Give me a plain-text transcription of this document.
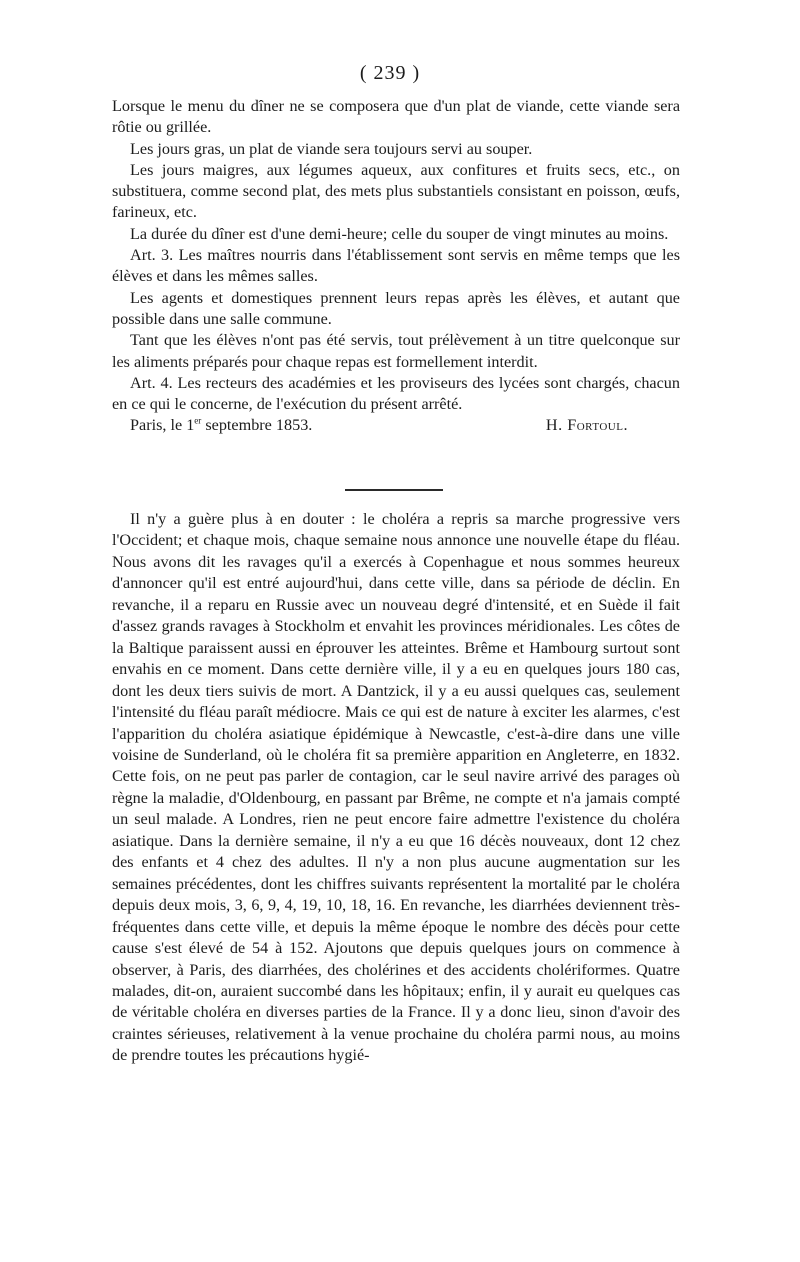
( 239 )

Lorsque le menu du dîner ne se composera que d'un plat de viande, cette viande sera rôtie ou grillée.

Les jours gras, un plat de viande sera toujours servi au souper.

Les jours maigres, aux légumes aqueux, aux confitures et fruits secs, etc., on substituera, comme second plat, des mets plus substantiels consistant en poisson, œufs, farineux, etc.

La durée du dîner est d'une demi-heure; celle du souper de vingt minutes au moins.

Art. 3. Les maîtres nourris dans l'établissement sont servis en même temps que les élèves et dans les mêmes salles.

Les agents et domestiques prennent leurs repas après les élèves, et autant que possible dans une salle commune.

Tant que les élèves n'ont pas été servis, tout prélèvement à un titre quelconque sur les aliments préparés pour chaque repas est formellement interdit.

Art. 4. Les recteurs des académies et les proviseurs des lycées sont chargés, chacun en ce qui le concerne, de l'exécution du présent arrêté.

Paris, le 1er septembre 1853.	H. Fortoul.

Il n'y a guère plus à en douter : le choléra a repris sa marche progressive vers l'Occident; et chaque mois, chaque semaine nous annonce une nouvelle étape du fléau. Nous avons dit les ravages qu'il a exercés à Copenhague et nous sommes heureux d'annoncer qu'il est entré aujourd'hui, dans cette ville, dans sa période de déclin. En revanche, il a reparu en Russie avec un nouveau degré d'intensité, et en Suède il fait d'assez grands ravages à Stockholm et envahit les provinces méridionales. Les côtes de la Baltique paraissent aussi en éprouver les atteintes. Brême et Hambourg surtout sont envahis en ce moment. Dans cette dernière ville, il y a eu en quelques jours 180 cas, dont les deux tiers suivis de mort. A Dantzick, il y a eu aussi quelques cas, seulement l'intensité du fléau paraît médiocre. Mais ce qui est de nature à exciter les alarmes, c'est l'apparition du choléra asiatique épidémique à Newcastle, c'est-à-dire dans une ville voisine de Sunderland, où le choléra fit sa première apparition en Angleterre, en 1832. Cette fois, on ne peut pas parler de contagion, car le seul navire arrivé des parages où règne la maladie, d'Oldenbourg, en passant par Brême, ne compte et n'a jamais compté un seul malade. A Londres, rien ne peut encore faire admettre l'existence du choléra asiatique. Dans la dernière semaine, il n'y a eu que 16 décès nouveaux, dont 12 chez des enfants et 4 chez des adultes. Il n'y a non plus aucune augmentation sur les semaines précédentes, dont les chiffres suivants représentent la mortalité par le choléra depuis deux mois, 3, 6, 9, 4, 19, 10, 18, 16. En revanche, les diarrhées deviennent très-fréquentes dans cette ville, et depuis la même époque le nombre des décès pour cette cause s'est élevé de 54 à 152. Ajoutons que depuis quelques jours on commence à observer, à Paris, des diarrhées, des cholérines et des accidents cholériformes. Quatre malades, dit-on, auraient succombé dans les hôpitaux; enfin, il y aurait eu quelques cas de véritable choléra en diverses parties de la France. Il y a donc lieu, sinon d'avoir des craintes sérieuses, relativement à la venue prochaine du choléra parmi nous, au moins de prendre toutes les précautions hygié-
